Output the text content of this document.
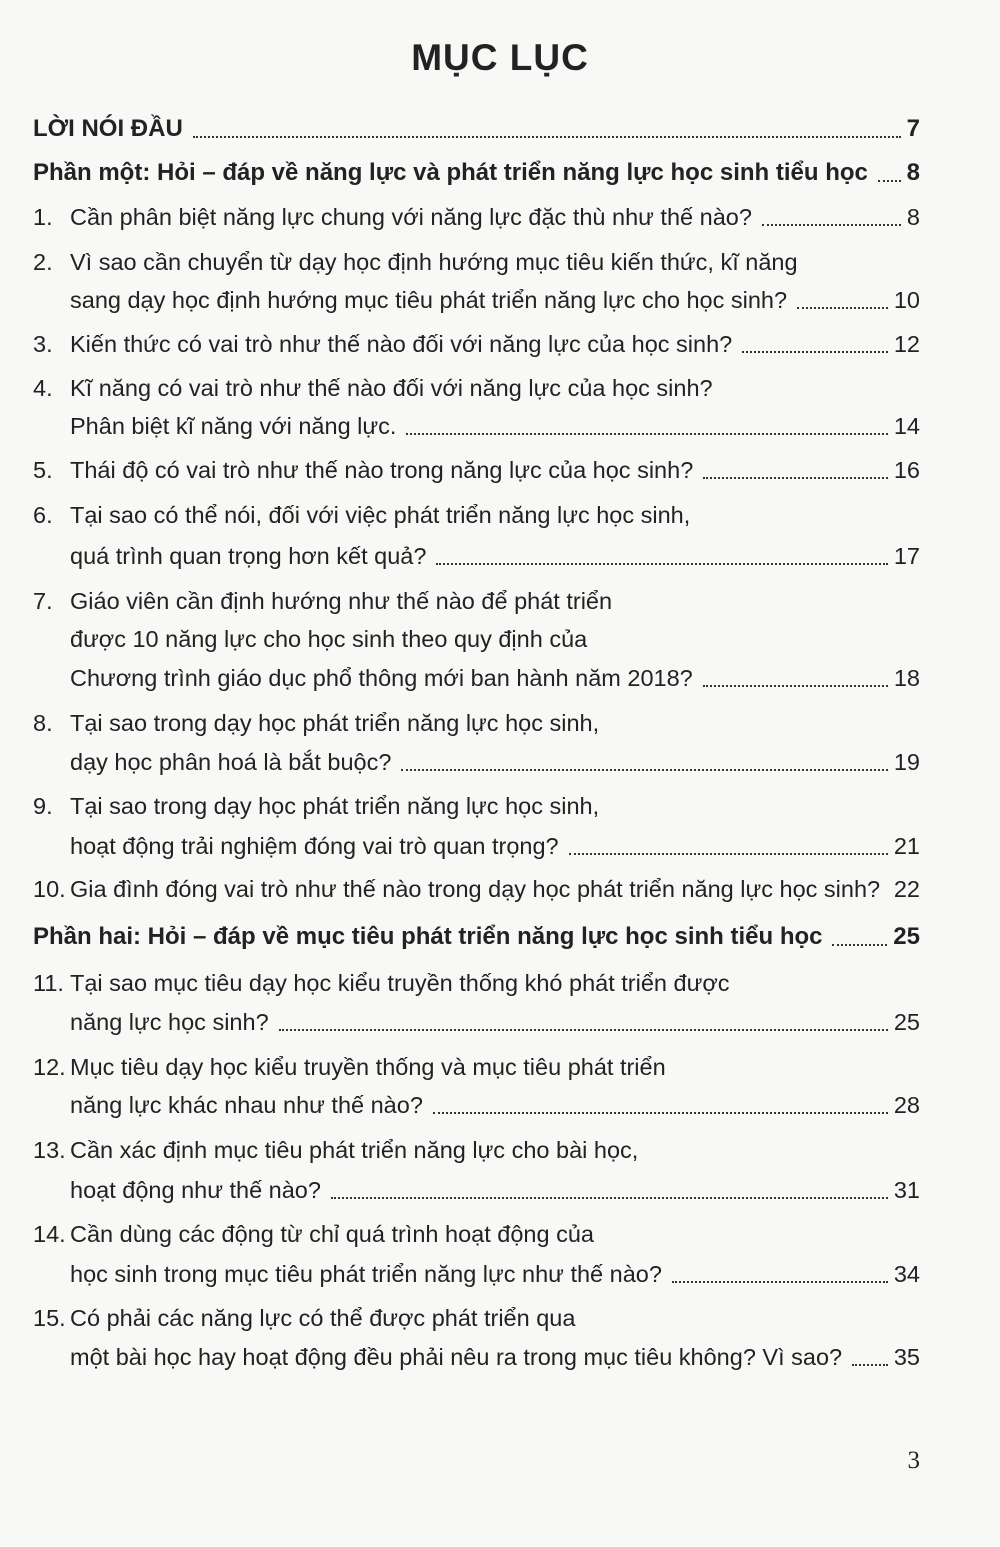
MỤC LỤC
LỜI NÓI ĐẦU	7
Phần một: Hỏi – đáp về năng lực và phát triển năng lực học sinh tiểu học 8
1. Cần phân biệt năng lực chung với năng lực đặc thù như thế nào?	8
2. Vì sao cần chuyển từ dạy học định hướng mục tiêu kiến thức, kĩ năng
sang dạy học định hướng mục tiêu phát triển năng lực cho học sinh?	10
3. Kiến thức có vai trò như thế nào đối với năng lực của học sinh?	12
4. Kĩ năng có vai trò như thế nào đối với năng lực của học sinh?
Phân biệt kĩ năng với năng lực.	14
5. Thái độ có vai trò như thế nào trong năng lực của học sinh?	16
6. Tại sao có thể nói, đối với việc phát triển năng lực học sinh,
quá trình quan trọng hơn kết quả?	17
7. Giáo viên cần định hướng như thế nào để phát triển
được 10 năng lực cho học sinh theo quy định của
Chương trình giáo dục phổ thông mới ban hành năm 2018?	18
8. Tại sao trong dạy học phát triển năng lực học sinh,
dạy học phân hoá là bắt buộc?	19
9. Tại sao trong dạy học phát triển năng lực học sinh,
hoạt động trải nghiệm đóng vai trò quan trọng?	21
10. Gia đình đóng vai trò như thế nào trong dạy học phát triển năng lực học sinh? 22
Phần hai: Hỏi – đáp về mục tiêu phát triển năng lực học sinh tiểu học	25
11. Tại sao mục tiêu dạy học kiểu truyền thống khó phát triển được
năng lực học sinh?	25
12. Mục tiêu dạy học kiểu truyền thống và mục tiêu phát triển
năng lực khác nhau như thế nào?	28
13. Cần xác định mục tiêu phát triển năng lực cho bài học,
hoạt động như thế nào?	31
14. Cần dùng các động từ chỉ quá trình hoạt động của
học sinh trong mục tiêu phát triển năng lực như thế nào?	34
15. Có phải các năng lực có thể được phát triển qua
một bài học hay hoạt động đều phải nêu ra trong mục tiêu không? Vì sao? 35
3
